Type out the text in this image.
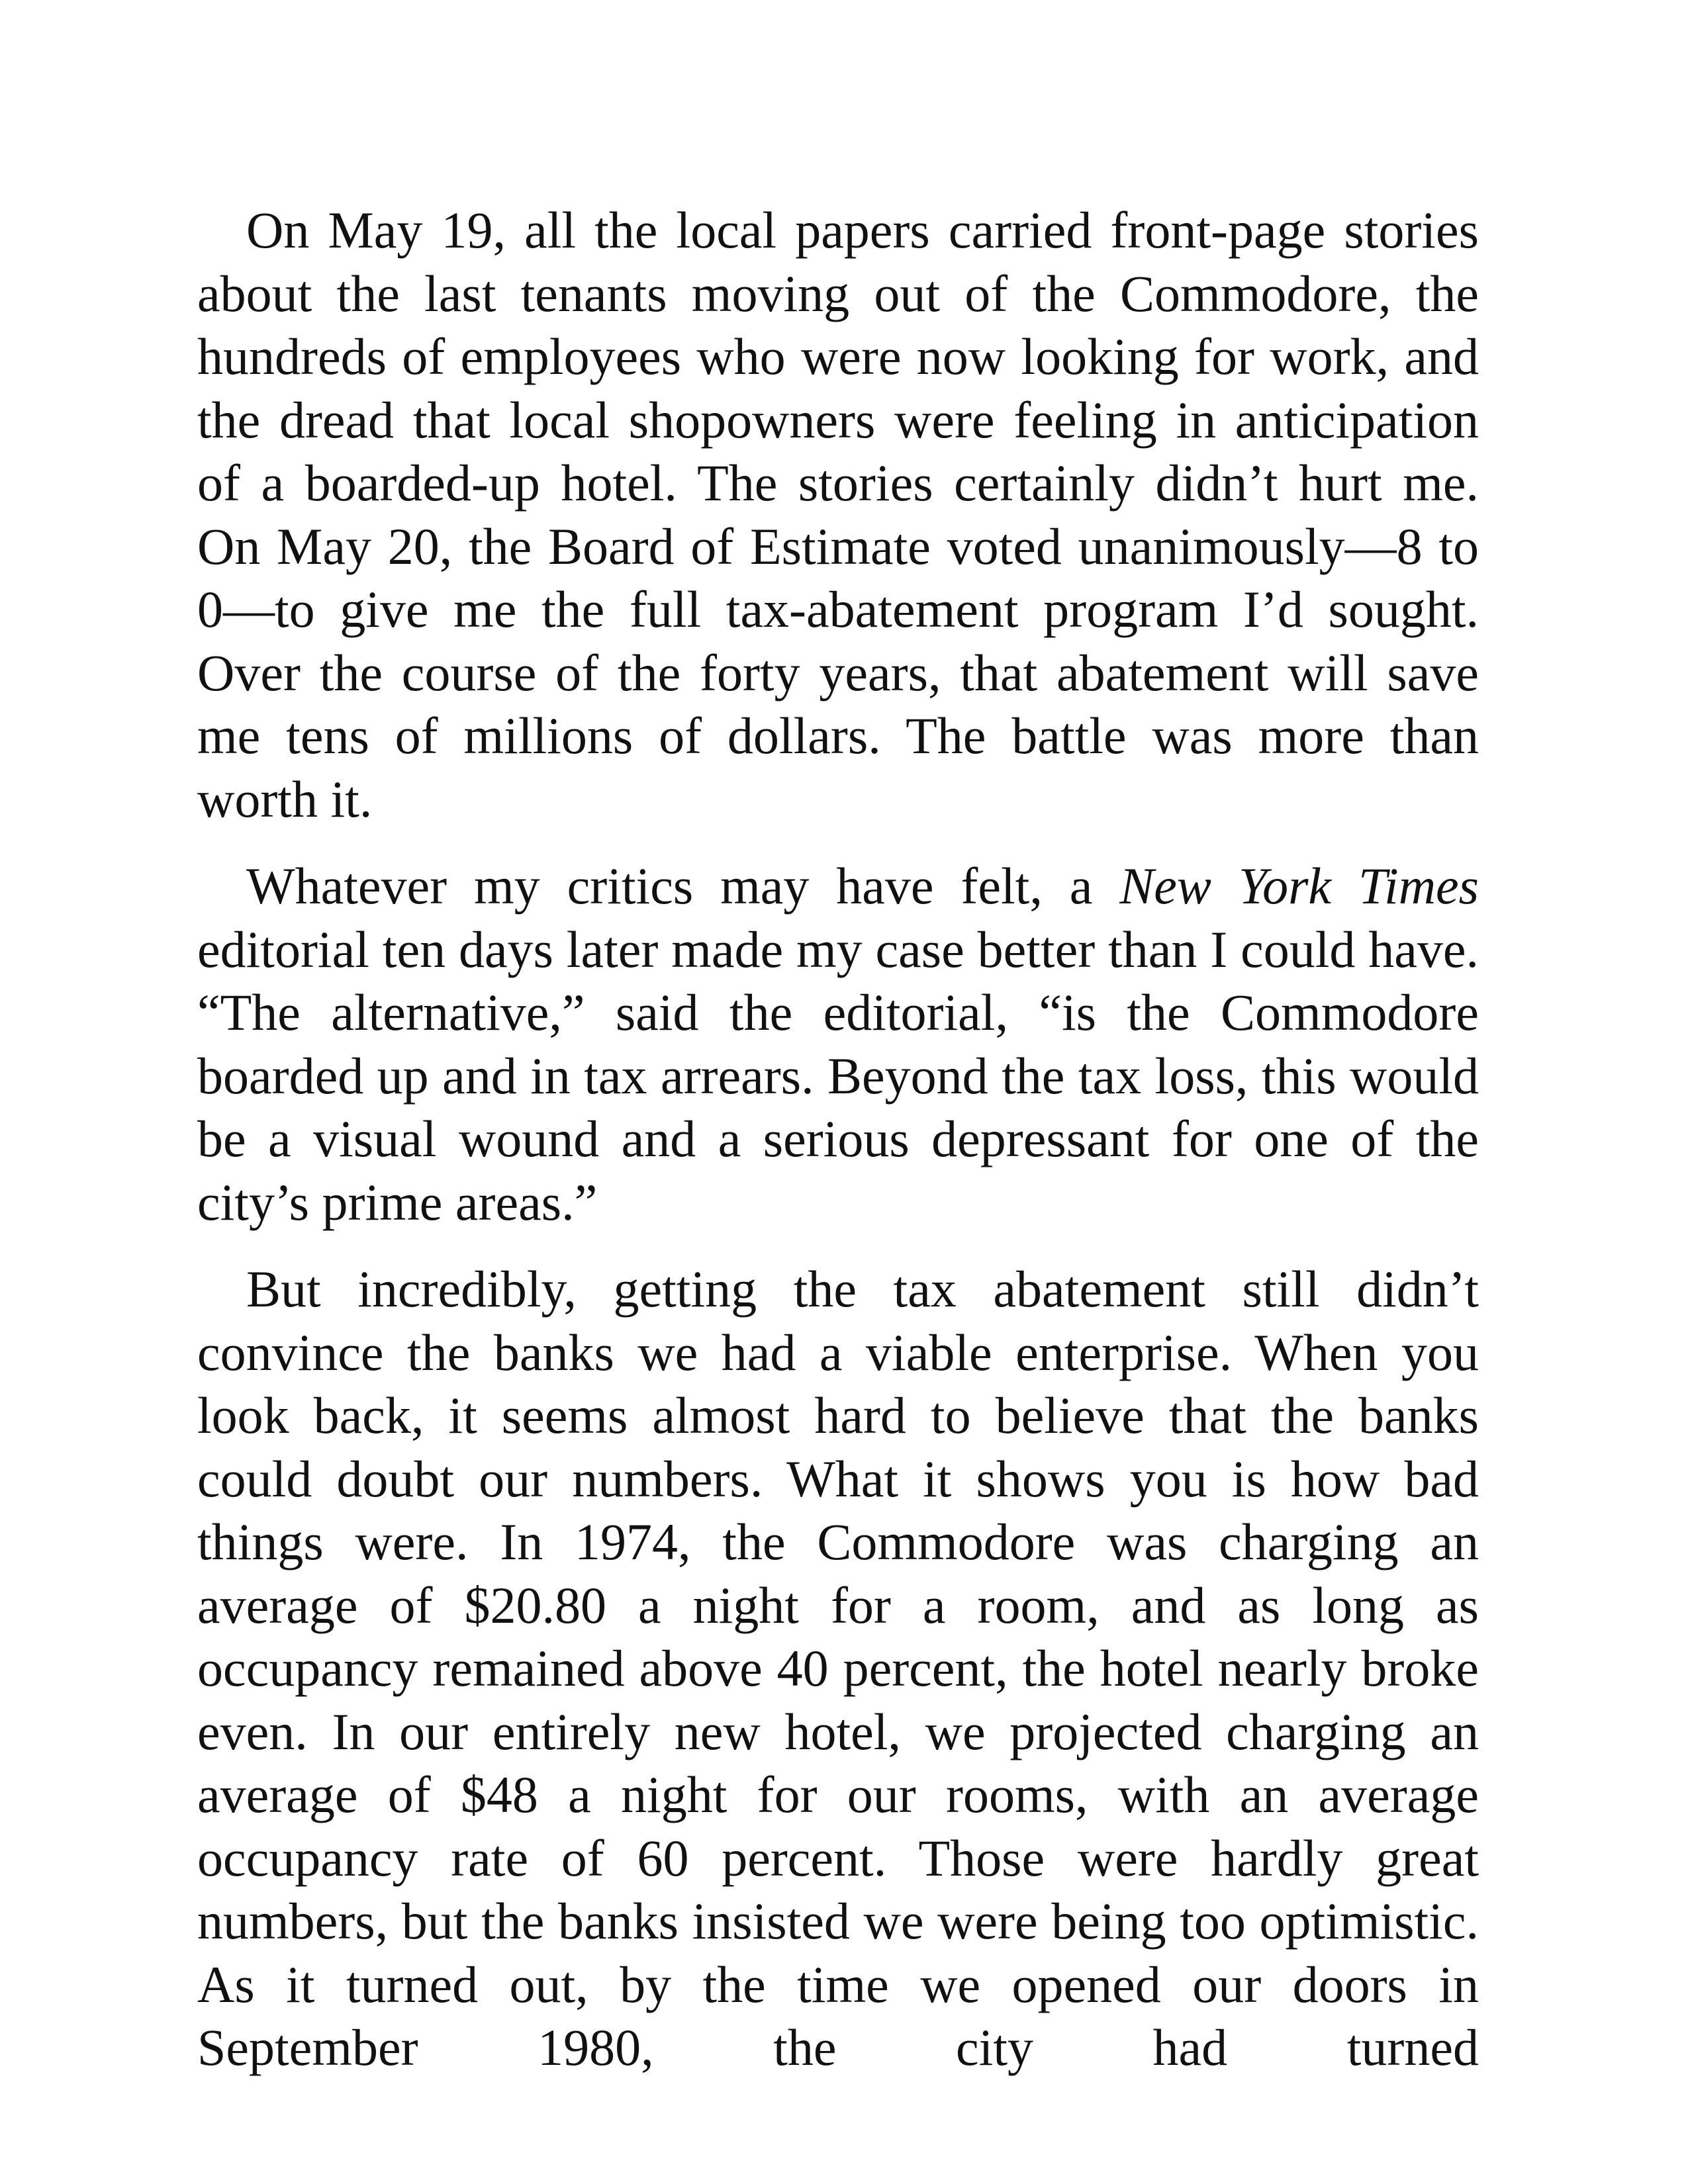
On May 19, all the local papers carried front-page stories about the last tenants moving out of the Commodore, the hundreds of employees who were now looking for work, and the dread that local shopowners were feeling in anticipation of a boarded-up hotel. The stories certainly didn’t hurt me. On May 20, the Board of Estimate voted unanimously—8 to 0—to give me the full tax-abatement program I’d sought. Over the course of the forty years, that abatement will save me tens of millions of dollars. The battle was more than worth it.

Whatever my critics may have felt, a New York Times editorial ten days later made my case better than I could have. “The alternative,” said the editorial, “is the Commodore boarded up and in tax arrears. Beyond the tax loss, this would be a visual wound and a serious depressant for one of the city’s prime areas.”

But incredibly, getting the tax abatement still didn’t convince the banks we had a viable enterprise. When you look back, it seems almost hard to believe that the banks could doubt our numbers. What it shows you is how bad things were. In 1974, the Commodore was charging an average of $20.80 a night for a room, and as long as occupancy remained above 40 percent, the hotel nearly broke even. In our entirely new hotel, we projected charging an average of $48 a night for our rooms, with an average occupancy rate of 60 percent. Those were hardly great numbers, but the banks insisted we were being too optimistic. As it turned out, by the time we opened our doors in September 1980, the city had turned
